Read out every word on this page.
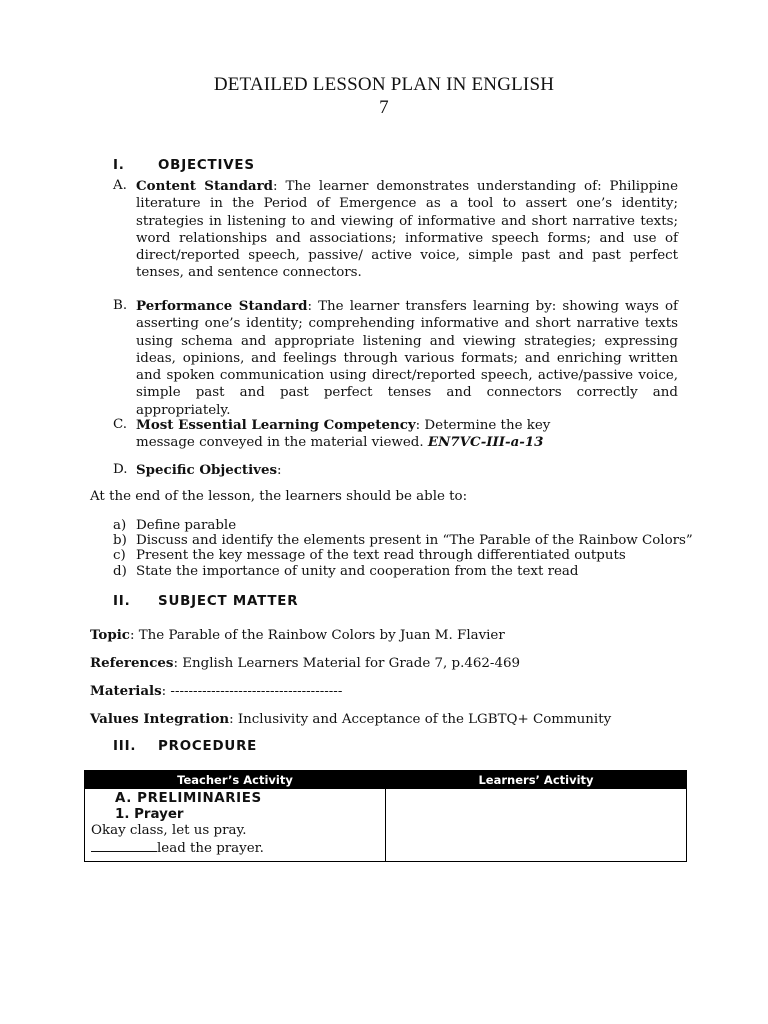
DETAILED LESSON PLAN IN ENGLISH
7
I. OBJECTIVES
A. Content Standard: The learner demonstrates understanding of: Philippine literature in the Period of Emergence as a tool to assert one’s identity; strategies in listening to and viewing of informative and short narrative texts; word relationships and associations; informative speech forms; and use of direct/reported speech, passive/ active voice, simple past and past perfect tenses, and sentence connectors.
B. Performance Standard: The learner transfers learning by: showing ways of asserting one’s identity; comprehending informative and short narrative texts using schema and appropriate listening and viewing strategies; expressing ideas, opinions, and feelings through various formats; and enriching written and spoken communication using direct/reported speech, active/passive voice, simple past and past perfect tenses and connectors correctly and appropriately.
C. Most Essential Learning Competency: Determine the key
message conveyed in the material viewed. EN7VC-III-a-13
D. Specific Objectives:
At the end of the lesson, the learners should be able to:
a) Define parable
b) Discuss and identify the elements present in “The Parable of the Rainbow Colors”
c) Present the key message of the text read through differentiated outputs
d) State the importance of unity and cooperation from the text read
II. SUBJECT MATTER
Topic: The Parable of the Rainbow Colors by Juan M. Flavier
References: English Learners Material for Grade 7, p.462-469
Materials: --------------------------------------
Values Integration: Inclusivity and Acceptance of the LGBTQ+ Community
III. PROCEDURE
Teacher’s Activity	Learners’ Activity

A. PRELIMINARIES
1. Prayer
Okay class, let us pray.
lead the prayer.	
